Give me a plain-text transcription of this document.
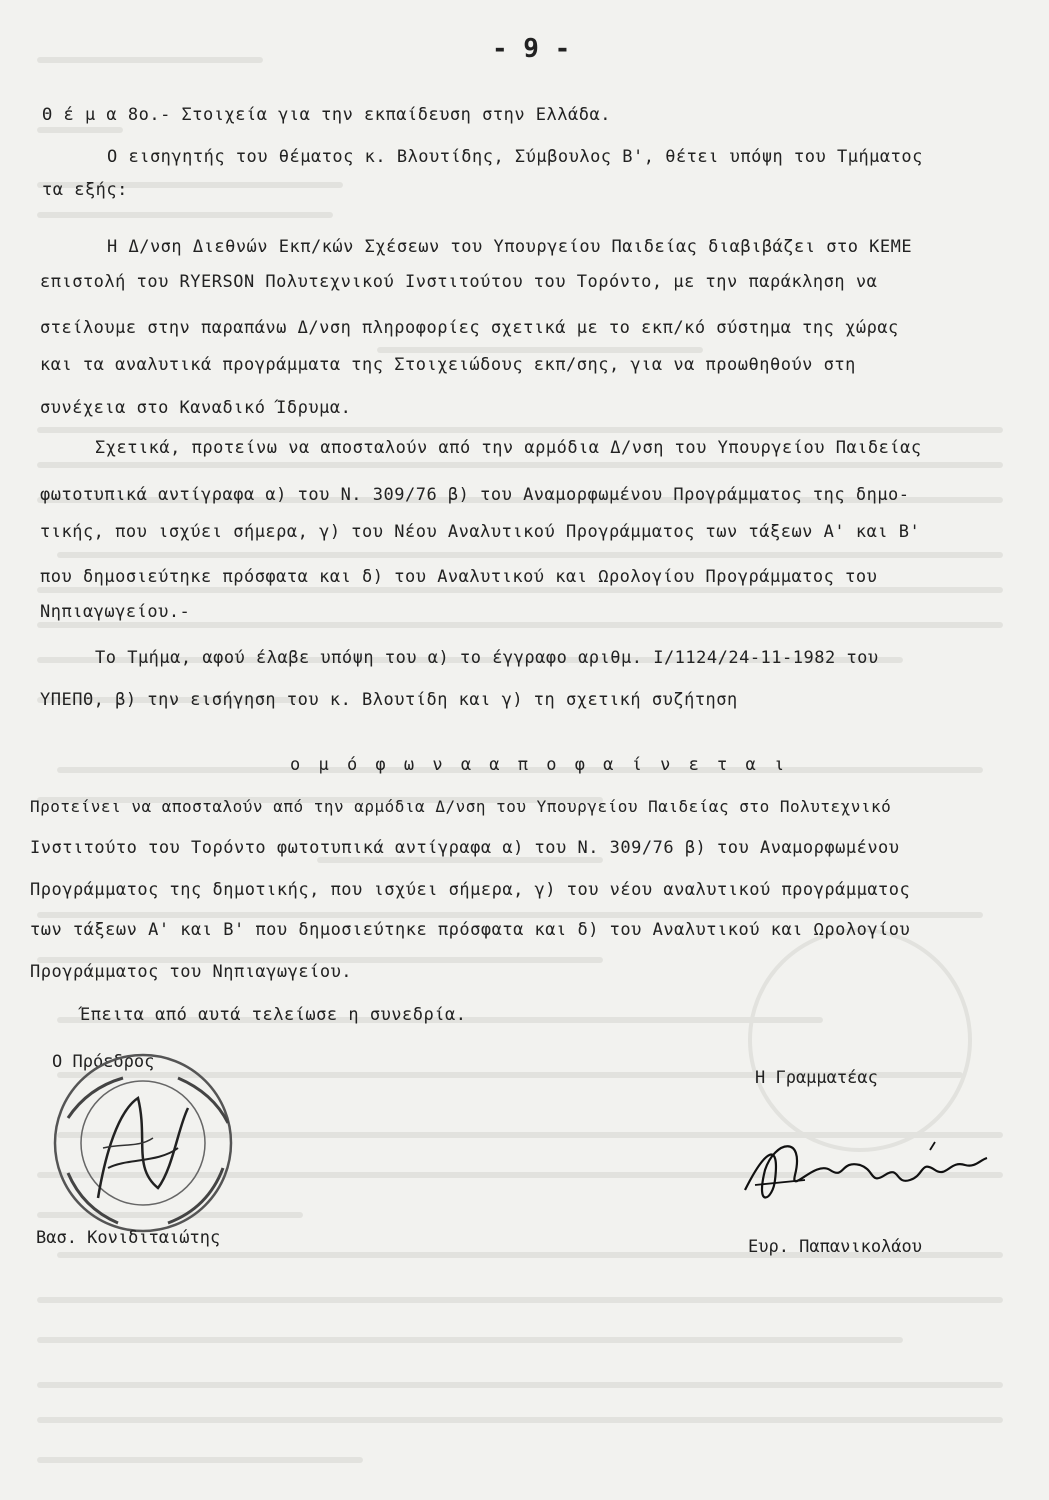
- 9 -
Θ έ μ α 8ο.- Στοιχεία για την εκπαίδευση στην Ελλάδα.
Ο εισηγητής του θέματος κ. Βλουτίδης, Σύμβουλος Β', θέτει υπόψη του Τμήματος
τα εξής:
Η Δ/νση Διεθνών Εκπ/κών Σχέσεων του Υπουργείου Παιδείας διαβιβάζει στο ΚΕΜΕ
επιστολή του RYERSON Πολυτεχνικού Ινστιτούτου του Τορόντο, με την παράκληση να
στείλουμε στην παραπάνω Δ/νση πληροφορίες σχετικά με το εκπ/κό σύστημα της χώρας
και τα αναλυτικά προγράμματα της Στοιχειώδους εκπ/σης, για να προωθηθούν στη
συνέχεια στο Καναδικό Ίδρυμα.
Σχετικά, προτείνω να αποσταλούν από την αρμόδια Δ/νση του Υπουργείου Παιδείας
φωτοτυπικά αντίγραφα α) του Ν. 309/76 β) του Αναμορφωμένου Προγράμματος της δημο-
τικής, που ισχύει σήμερα, γ) του Νέου Αναλυτικού Προγράμματος των τάξεων Α' και Β'
που δημοσιεύτηκε πρόσφατα και δ) του Αναλυτικού και Ωρολογίου Προγράμματος του
Νηπιαγωγείου.-
Το Τμήμα, αφού έλαβε υπόψη του α) το έγγραφο αριθμ. Ι/1124/24-11-1982 του
ΥΠΕΠΘ, β) την εισήγηση του κ. Βλουτίδη και γ) τη σχετική συζήτηση
ο μ ό φ ω ν α α π ο φ α ί ν ε τ α ι
Προτείνει να αποσταλούν από την αρμόδια Δ/νση του Υπουργείου Παιδείας στο Πολυτεχνικό
Ινστιτούτο του Τορόντο φωτοτυπικά αντίγραφα α) του Ν. 309/76 β) του Αναμορφωμένου
Προγράμματος της δημοτικής, που ισχύει σήμερα, γ) του νέου αναλυτικού προγράμματος
των τάξεων Α' και Β' που δημοσιεύτηκε πρόσφατα και δ) του Αναλυτικού και Ωρολογίου
Προγράμματος του Νηπιαγωγείου.
Έπειτα από αυτά τελείωσε η συνεδρία.
Ο Πρόεδρος
Βασ. Κονιδιταιώτης
Η Γραμματέας
Ευρ. Παπανικολάου
